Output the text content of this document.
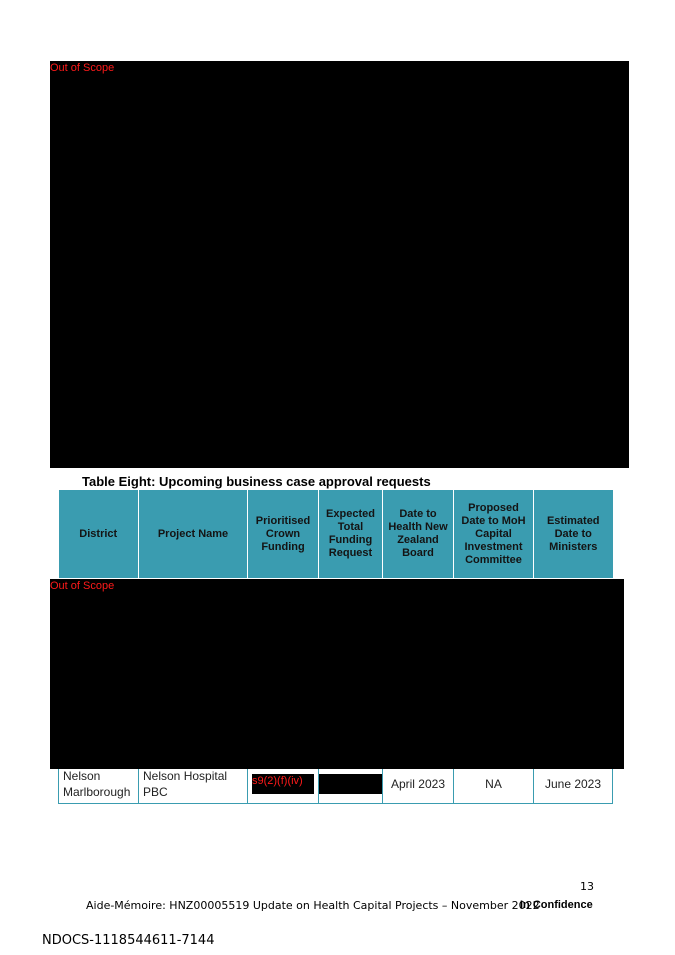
Out of Scope
Table Eight: Upcoming business case approval requests
District	Project Name	Prioritised Crown Funding	Expected Total Funding Request	Date to Health New Zealand Board	Proposed Date to MoH Capital Investment Committee	Estimated Date to Ministers

Nelson Marlborough	Nelson Hospital PBC	s9(2)(f)(iv)		April 2023	NA	June 2023
Out of Scope
13
Aide-Mémoire: HNZ00005519 Update on Health Capital Projects – November 2022
In Confidence
NDOCS-1118544611-7144
